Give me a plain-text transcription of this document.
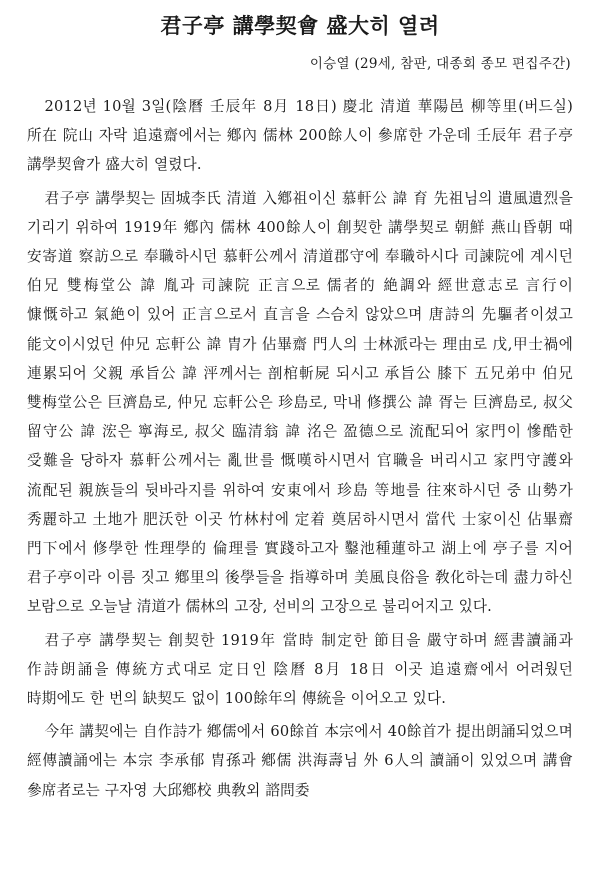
君子亭 講學契會 盛大히 열려
이승열 (29세, 참판, 대종회 종모 편집주간)

2012년 10월 3일(陰曆 壬辰年 8月 18日) 慶北 清道 華陽邑 柳等里(버드실) 所在 院山 자락 追遠齋에서는 鄕內 儒林 200餘人이 參席한 가운데 壬辰年 君子亭 講學契會가 盛大히 열렸다.

君子亭 講學契는 固城李氏 清道 入鄕祖이신 慕軒公 諱 育 先祖님의 遺風遺烈을 기리기 위하여 1919年 鄕內 儒林 400餘人이 創契한 講學契로 朝鮮 燕山昏朝 때 安寄道 察訪으로 奉職하시던 慕軒公께서 清道郡守에 奉職하시다 司諫院에 계시던 伯兄 雙梅堂公 諱 胤과 司諫院 正言으로 儒者的 絶調와 經世意志로 言行이 慷慨하고 氣絶이 있어 正言으로서 直言을 스슴치 않았으며 唐詩의 先驅者이셨고 能文이시었던 仲兄 忘軒公 諱 胄가 佔畢齋 門人의 士林派라는 理由로 戊,甲士禍에 連累되어 父親 承旨公 諱 泙께서는 剖棺斬屍 되시고 承旨公 膝下 五兄弟中 伯兄 雙梅堂公은 巨濟島로, 仲兄 忘軒公은 珍島로, 막내 修撰公 諱 胥는 巨濟島로, 叔父 留守公 諱 浤은 寧海로, 叔父 臨清翁 諱 洺은 盈德으로 流配되어 家門이 慘酷한 受難을 당하자 慕軒公께서는 亂世를 慨嘆하시면서 官職을 버리시고 家門守護와 流配된 親族들의 뒷바라지를 위하여 安東에서 珍島 等地를 往來하시던 중 山勢가 秀麗하고 土地가 肥沃한 이곳 竹林村에 定着 奠居하시면서 當代 士家이신 佔畢齋 門下에서 修學한 性理學的 倫理를 實踐하고자 鑿池種蓮하고 湖上에 亭子를 지어 君子亭이라 이름 짓고 鄕里의 後學들을 指導하며 美風良俗을 敎化하는데 盡力하신 보람으로 오늘날 清道가 儒林의 고장, 선비의 고장으로 불리어지고 있다.

君子亭 講學契는 創契한 1919年 當時 制定한 節目을 嚴守하며 經書讀誦과 作詩朗誦을 傳統方式대로 定日인 陰曆 8月 18日 이곳 追遠齋에서 어려웠던 時期에도 한 번의 缺契도 없이 100餘年의 傳統을 이어오고 있다.

今年 講契에는 自作詩가 鄕儒에서 60餘首 本宗에서 40餘首가 提出朗誦되었으며 經傳讀誦에는 本宗 李承郁 胄孫과 鄕儒 洪海壽님 外 6人의 讀誦이 있었으며 講會 參席者로는 구자영 大邱鄕校 典敎외 諮問委
